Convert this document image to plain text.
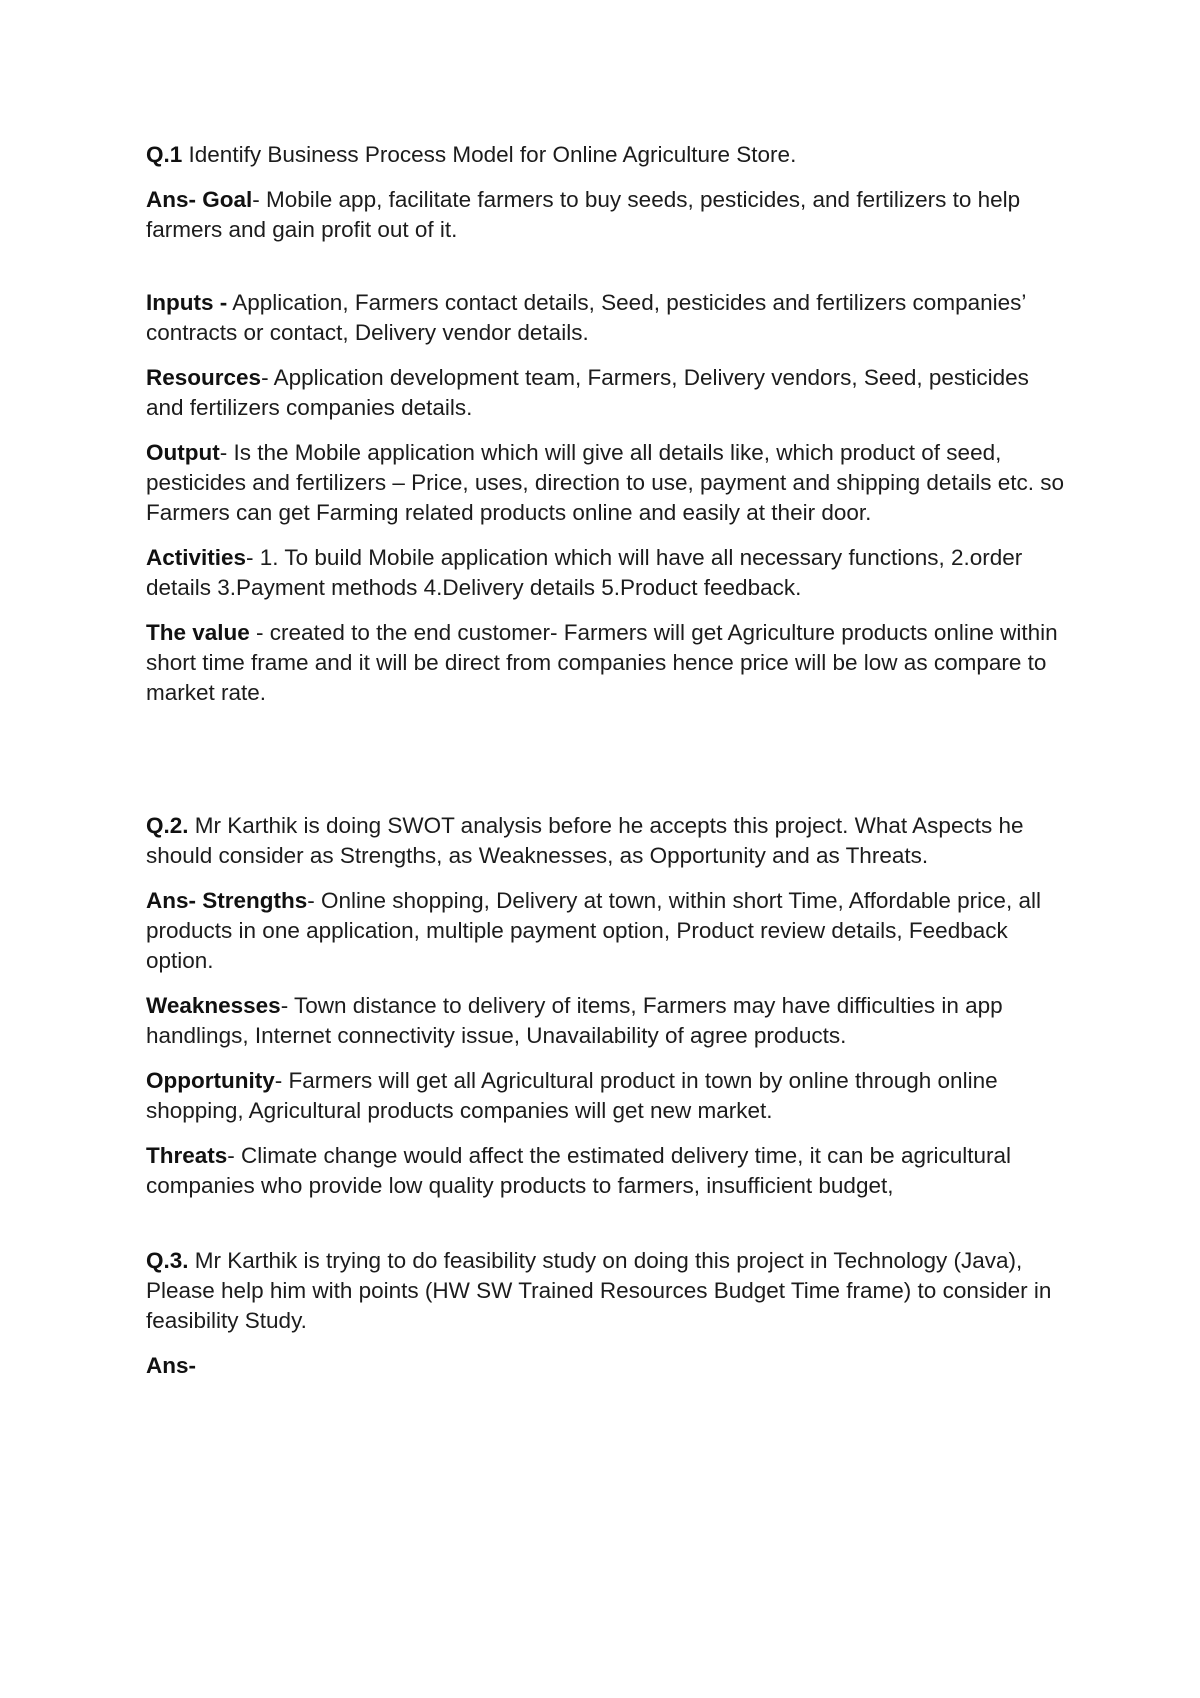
Q.1 Identify Business Process Model for Online Agriculture Store.

Ans- Goal- Mobile app, facilitate farmers to buy seeds, pesticides, and fertilizers to help farmers and gain profit out of it.

Inputs - Application, Farmers contact details, Seed, pesticides and fertilizers companies’ contracts or contact, Delivery vendor details.

Resources- Application development team, Farmers, Delivery vendors, Seed, pesticides and fertilizers companies details.

Output- Is the Mobile application which will give all details like, which product of seed, pesticides and fertilizers – Price, uses, direction to use, payment and shipping details etc. so Farmers can get Farming related products online and easily at their door.

Activities- 1. To build Mobile application which will have all necessary functions, 2.order details 3.Payment methods 4.Delivery details 5.Product feedback.

The value - created to the end customer- Farmers will get Agriculture products online within short time frame and it will be direct from companies hence price will be low as compare to market rate.

Q.2. Mr Karthik is doing SWOT analysis before he accepts this project. What Aspects he should consider as Strengths, as Weaknesses, as Opportunity and as Threats.

Ans- Strengths- Online shopping, Delivery at town, within short Time, Affordable price, all products in one application, multiple payment option, Product review details, Feedback option.

Weaknesses- Town distance to delivery of items, Farmers may have difficulties in app handlings, Internet connectivity issue, Unavailability of agree products.

Opportunity- Farmers will get all Agricultural product in town by online through online shopping, Agricultural products companies will get new market.

Threats- Climate change would affect the estimated delivery time, it can be agricultural companies who provide low quality products to farmers, insufficient budget,

Q.3. Mr Karthik is trying to do feasibility study on doing this project in Technology (Java), Please help him with points (HW SW Trained Resources Budget Time frame) to consider in feasibility Study.

Ans-
